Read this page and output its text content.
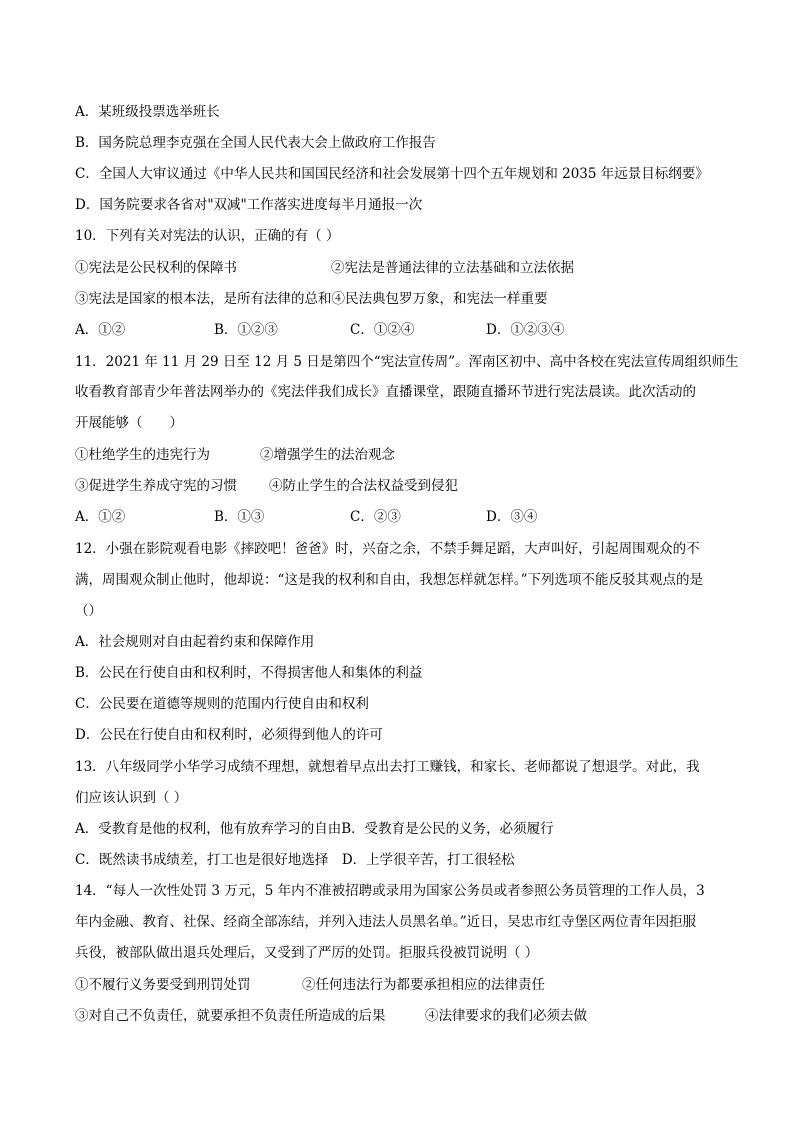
A．某班级投票选举班长
B．国务院总理李克强在全国人民代表大会上做政府工作报告
C．全国人大审议通过《中华人民共和国国民经济和社会发展第十四个五年规划和 2035 年远景目标纲要》
D．国务院要求各省对"双减"工作落实进度每半月通报一次
10．下列有关对宪法的认识，正确的有（ ）
①宪法是公民权利的保障书	②宪法是普通法律的立法基础和立法依据
③宪法是国家的根本法，是所有法律的总和④民法典包罗万象，和宪法一样重要
A．①②	B．①②③	C．①②④	D．①②③④
11．2021 年 11 月 29 日至 12 月 5 日是第四个“宪法宣传周”。浑南区初中、高中各校在宪法宣传周组织师生
收看教育部青少年普法网举办的《宪法伴我们成长》直播课堂，跟随直播环节进行宪法晨读。此次活动的
开展能够（　　）
①杜绝学生的违宪行为	②增强学生的法治观念
③促进学生养成守宪的习惯 ④防止学生的合法权益受到侵犯
A．①②	B．①③	C．②③	D．③④
12．小强在影院观看电影《摔跤吧！爸爸》时，兴奋之余，不禁手舞足蹈，大声叫好，引起周围观众的不
满，周围观众制止他时，他却说：“这是我的权利和自由，我想怎样就怎样。”下列选项不能反驳其观点的是
（）
A．社会规则对自由起着约束和保障作用
B．公民在行使自由和权利时，不得损害他人和集体的利益
C．公民要在道德等规则的范围内行使自由和权利
D．公民在行使自由和权利时，必须得到他人的许可
13．八年级同学小华学习成绩不理想，就想着早点出去打工赚钱，和家长、老师都说了想退学。对此，我
们应该认识到（ ）
A．受教育是他的权利，他有放弃学习的自由B．受教育是公民的义务，必须履行
C．既然读书成绩差，打工也是很好地选择　D．上学很辛苦，打工很轻松
14．“每人一次性处罚 3 万元，5 年内不准被招聘或录用为国家公务员或者参照公务员管理的工作人员，3
年内金融、教育、社保、经商全部冻结，并列入违法人员黑名单。”近日，吴忠市红寺堡区两位青年因拒服
兵役，被部队做出退兵处理后，又受到了严厉的处罚。拒服兵役被罚说明（ ）
①不履行义务要受到刑罚处罚	②任何违法行为都要承担相应的法律责任
③对自己不负责任，就要承担不负责任所造成的后果	④法律要求的我们必须去做
